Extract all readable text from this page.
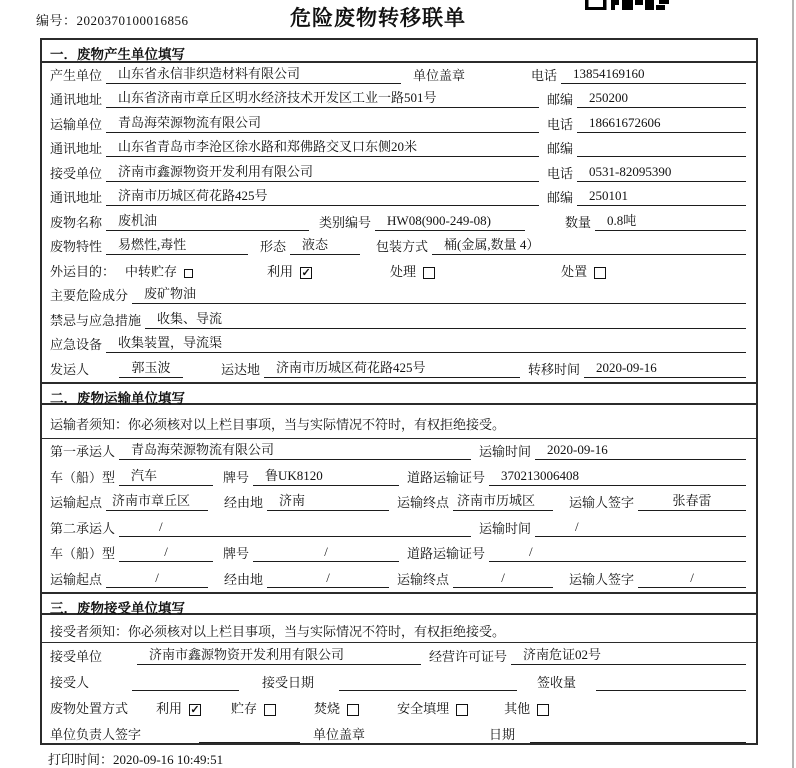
编号：2020370100016856	危险废物转移联单
一．废物产生单位填写
产生单位	山东省永信非织造材料有限公司	单位盖章	电话	13854169160
通讯地址	山东省济南市章丘区明水经济技术开发区工业一路501号	邮编	250200
运输单位	青岛海荣源物流有限公司	电话	18661672606
通讯地址	山东省青岛市李沧区徐水路和郑佛路交叉口东侧20米	邮编
接受单位	济南市鑫源物资开发利用有限公司	电话	0531-82095390
通讯地址	济南市历城区荷花路425号	邮编	250101
废物名称	废机油	类别编号	HW08(900-249-08)	数量	0.8吨
废物特性	易燃性,毒性	形态	液态	包装方式	桶(金属,数量 4）
外运目的： 中转贮存	利用 ✓	处理	处置
主要危险成分	废矿物油
禁忌与应急措施	收集、导流
应急设备	收集装置，导流渠
发运人	郭玉波	运达地	济南市历城区荷花路425号	转移时间	2020-09-16
二．废物运输单位填写
运输者须知：你必须核对以上栏目事项，当与实际情况不符时，有权拒绝接受。
第一承运人	青岛海荣源物流有限公司	运输时间	2020-09-16
车（船）型	汽车	牌号	鲁UK8120	道路运输证号	370213006408
运输起点 济南市章丘区	经由地	济南	运输终点 济南市历城区	运输人签字	张春雷
第二承运人	/	运输时间	/
车（船）型	/	牌号	/	道路运输证号	/
运输起点	/	经由地	/	运输终点	/	运输人签字	/
三．废物接受单位填写
接受者须知：你必须核对以上栏目事项，当与实际情况不符时，有权拒绝接受。
接受单位	济南市鑫源物资开发利用有限公司	经营许可证号	济南危证02号
接受人	接受日期	签收量
废物处置方式 利用 ✓ 贮存	焚烧	安全填埋	其他
单位负责人签字	单位盖章	日期
打印时间：2020-09-16 10:49:51
